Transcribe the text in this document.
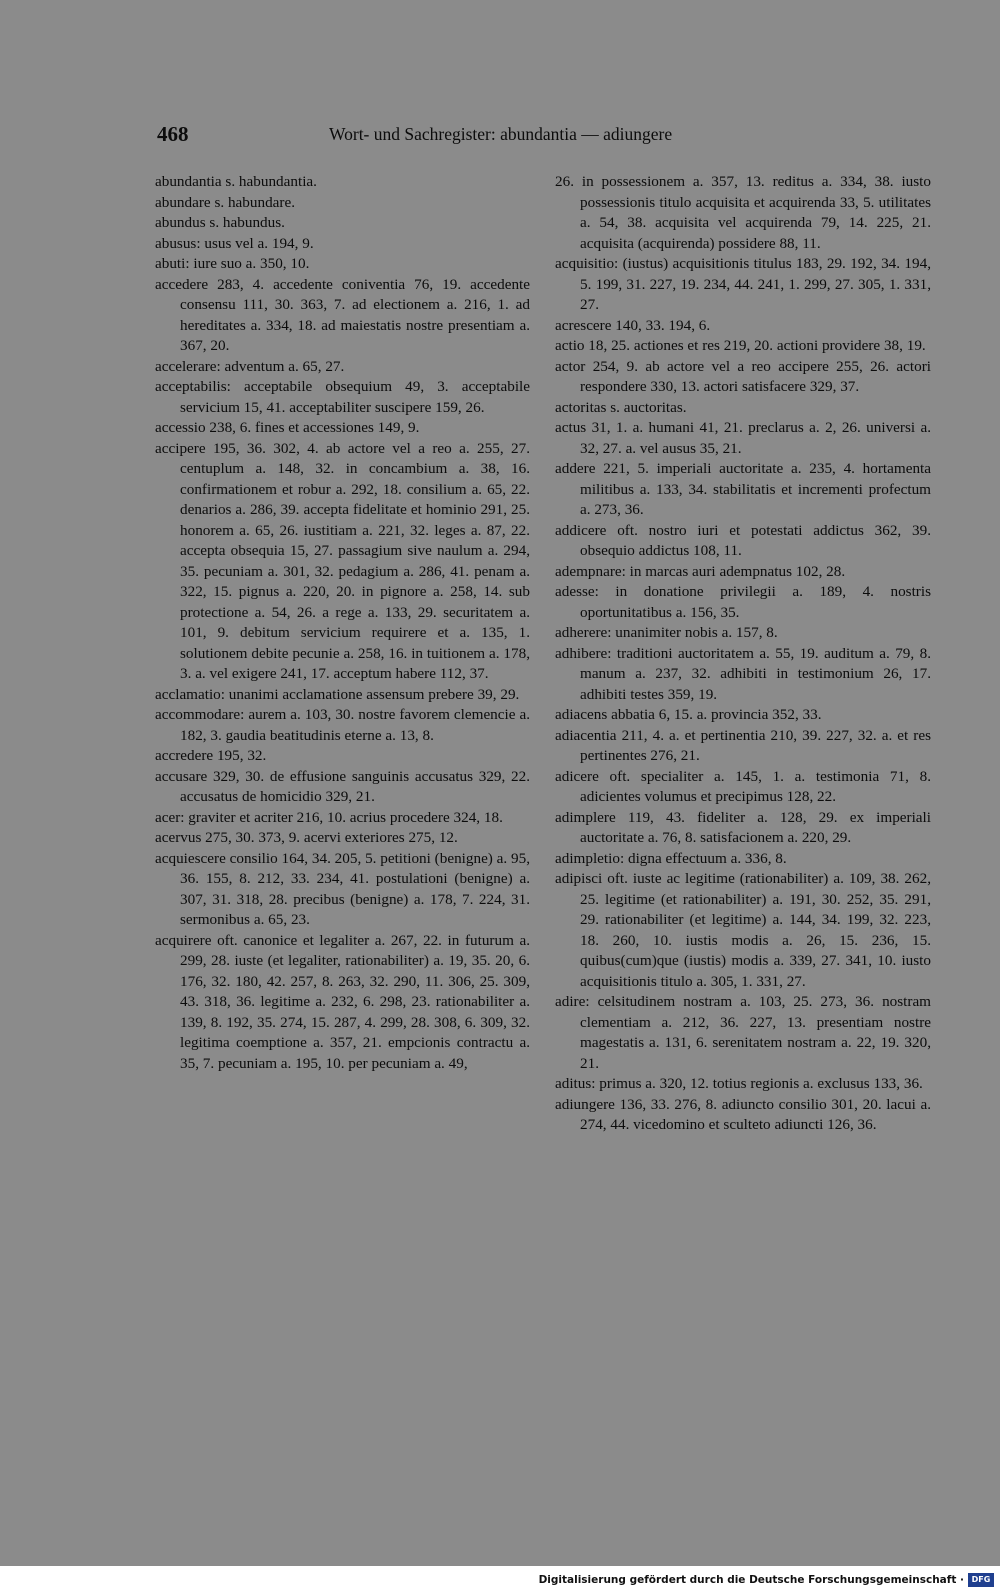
468	Wort- und Sachregister: abundantia — adiungere

abundantia s. habundantia.

abundare s. habundare.

abundus s. habundus.

abusus: usus vel a. 194, 9.

abuti: iure suo a. 350, 10.

accedere 283, 4. accedente coniventia 76, 19. accedente consensu 111, 30. 363, 7. ad electionem a. 216, 1. ad hereditates a. 334, 18. ad maiestatis nostre presentiam a. 367, 20.

accelerare: adventum a. 65, 27.

acceptabilis: acceptabile obsequium 49, 3. acceptabile servicium 15, 41. acceptabiliter suscipere 159, 26.

accessio 238, 6. fines et accessiones 149, 9.

accipere 195, 36. 302, 4. ab actore vel a reo a. 255, 27. centuplum a. 148, 32. in concambium a. 38, 16. confirmationem et robur a. 292, 18. consilium a. 65, 22. denarios a. 286, 39. accepta fidelitate et hominio 291, 25. honorem a. 65, 26. iustitiam a. 221, 32. leges a. 87, 22. accepta obsequia 15, 27. passagium sive naulum a. 294, 35. pecuniam a. 301, 32. pedagium a. 286, 41. penam a. 322, 15. pignus a. 220, 20. in pignore a. 258, 14. sub protectione a. 54, 26. a rege a. 133, 29. securitatem a. 101, 9. debitum servicium requirere et a. 135, 1. solutionem debite pecunie a. 258, 16. in tuitionem a. 178, 3. a. vel exigere 241, 17. acceptum habere 112, 37.

acclamatio: unanimi acclamatione assensum prebere 39, 29.

accommodare: aurem a. 103, 30. nostre favorem clemencie a. 182, 3. gaudia beatitudinis eterne a. 13, 8.

accredere 195, 32.

accusare 329, 30. de effusione sanguinis accusatus 329, 22. accusatus de homicidio 329, 21.

acer: graviter et acriter 216, 10. acrius procedere 324, 18.

acervus 275, 30. 373, 9. acervi exteriores 275, 12.

acquiescere consilio 164, 34. 205, 5. petitioni (benigne) a. 95, 36. 155, 8. 212, 33. 234, 41. postulationi (benigne) a. 307, 31. 318, 28. precibus (benigne) a. 178, 7. 224, 31. sermonibus a. 65, 23.

acquirere oft. canonice et legaliter a. 267, 22. in futurum a. 299, 28. iuste (et legaliter, rationabiliter) a. 19, 35. 20, 6. 176, 32. 180, 42. 257, 8. 263, 32. 290, 11. 306, 25. 309, 43. 318, 36. legitime a. 232, 6. 298, 23. rationabiliter a. 139, 8. 192, 35. 274, 15. 287, 4. 299, 28. 308, 6. 309, 32. legitima coemptione a. 357, 21. empcionis contractu a. 35, 7. pecuniam a. 195, 10. per pecuniam a. 49,

26. in possessionem a. 357, 13. reditus a. 334, 38. iusto possessionis titulo acquisita et acquirenda 33, 5. utilitates a. 54, 38. acquisita vel acquirenda 79, 14. 225, 21. acquisita (acquirenda) possidere 88, 11.

acquisitio: (iustus) acquisitionis titulus 183, 29. 192, 34. 194, 5. 199, 31. 227, 19. 234, 44. 241, 1. 299, 27. 305, 1. 331, 27.

acrescere 140, 33. 194, 6.

actio 18, 25. actiones et res 219, 20. actioni providere 38, 19.

actor 254, 9. ab actore vel a reo accipere 255, 26. actori respondere 330, 13. actori satisfacere 329, 37.

actoritas s. auctoritas.

actus 31, 1. a. humani 41, 21. preclarus a. 2, 26. universi a. 32, 27. a. vel ausus 35, 21.

addere 221, 5. imperiali auctoritate a. 235, 4. hortamenta militibus a. 133, 34. stabilitatis et incrementi profectum a. 273, 36.

addicere oft. nostro iuri et potestati addictus 362, 39. obsequio addictus 108, 11.

adempnare: in marcas auri adempnatus 102, 28.

adesse: in donatione privilegii a. 189, 4. nostris oportunitatibus a. 156, 35.

adherere: unanimiter nobis a. 157, 8.

adhibere: traditioni auctoritatem a. 55, 19. auditum a. 79, 8. manum a. 237, 32. adhibiti in testimonium 26, 17. adhibiti testes 359, 19.

adiacens abbatia 6, 15. a. provincia 352, 33.

adiacentia 211, 4. a. et pertinentia 210, 39. 227, 32. a. et res pertinentes 276, 21.

adicere oft. specialiter a. 145, 1. a. testimonia 71, 8. adicientes volumus et precipimus 128, 22.

adimplere 119, 43. fideliter a. 128, 29. ex imperiali auctoritate a. 76, 8. satisfacionem a. 220, 29.

adimpletio: digna effectuum a. 336, 8.

adipisci oft. iuste ac legitime (rationabiliter) a. 109, 38. 262, 25. legitime (et rationabiliter) a. 191, 30. 252, 35. 291, 29. rationabiliter (et legitime) a. 144, 34. 199, 32. 223, 18. 260, 10. iustis modis a. 26, 15. 236, 15. quibus(cum)que (iustis) modis a. 339, 27. 341, 10. iusto acquisitionis titulo a. 305, 1. 331, 27.

adire: celsitudinem nostram a. 103, 25. 273, 36. nostram clementiam a. 212, 36. 227, 13. presentiam nostre magestatis a. 131, 6. serenitatem nostram a. 22, 19. 320, 21.

aditus: primus a. 320, 12. totius regionis a. exclusus 133, 36.

adiungere 136, 33. 276, 8. adiuncto consilio 301, 20. lacui a. 274, 44. vicedomino et sculteto adiuncti 126, 36.

Digitalisierung gefördert durch die Deutsche Forschungsgemeinschaft · DFG
